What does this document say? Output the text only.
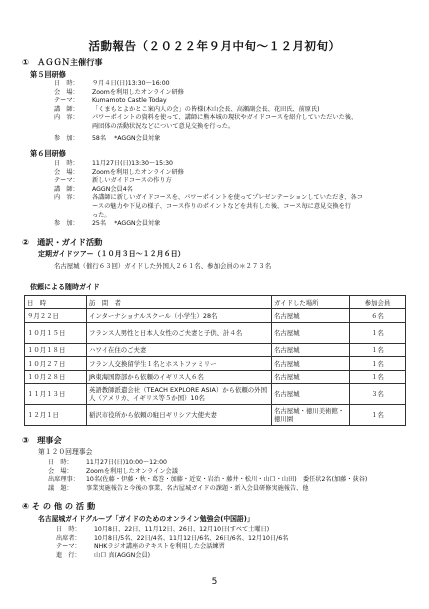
活動報告（２０２２年９月中旬～１２月初旬）
①　ＡＧＧＮ主催行事
第５回研修
日　時： ９月４日(日)13:30～16:00
会　場： Zoomを利用したオンライン研修
テーマ： Kumamoto Castle Today
講　師： 「くまもとよかとこ案内人の会」の皆様(木山会長、高瀬副会長、花田氏、前原氏)
内　容： パワーポイントの資料を使って、講師に熊本城の現状やガイドコースを紹介していただいた後、
両団体の活動状況などについて意見交換を行った。
参　加： 58名　 *AGGN会員対象
第６回研修
日　時： 11月27日(日)13:30～15:30
会　場： Zoomを利用したオンライン研修
テーマ： 新しいガイドコースの作り方
講　師： AGGN会員4名
内　容： 各講師に新しいガイドコースを、パワーポイントを使ってプレゼンテーションしていただき、各コ
ースの魅力や下見の様子、コース作りのポイントなどを共有した後、コース毎に意見交換を行
った。
参　加： 25名　 *AGGN会員対象
②　通訳・ガイド活動
定期ガイドツアー（１０月３日～１２月６日）
名古屋城（催行６３回）ガイドした外国人２６１名、参加会員の＊２７３名
依頼による随時ガイド
日　時	訪　問　者	ガイドした場所	参加会員
９月２２日	インターナショナルスクール（小学生）28名	名古屋城	６名
１０月１５日	フランス人男性と日本人女性のご夫妻と子供、計４名	名古屋城	１名
１０月１８日	ハワイ在住のご夫妻	名古屋城	１名
１０月２７日	フラン人交換留学生１名とホストファミリー	名古屋城	１名
１０月２８日	JR東海国際部から依頼のイギリス人６名	名古屋城	１名
１１月１３日	英語教師派遣会社（TEACH EXPLORE ASIA）から依頼の外国人（アメリカ、イギリス等５か国）10名	名古屋城	３名
１２月１日	稲沢市役所から依頼の駐日ギリシア大使夫妻	名古屋城・徳川美術館・徳川園	１名
③　理事会
第１２０回理事会
日　時： 11月27日(日)10:00～12:00
会　場： Zoomを利用したオンライン会議
出席理事： 10名(佐藤・伊藤・秋・葛巻・加藤・近安・岩治・藤井・松川・山口・山田)　委任状2名(加藤・荻谷)
議　題： 事業実施報告と今後の事業、名古屋城ガイドの課題・新入会員研修実施報告、他
④ そ の 他 の 活 動
名古屋城ガイドグループ「ガイドのためのオンライン勉強会(中国語)」
日　時： 10月8日、22日、11月12日、26日、12月10日(すべて土曜日)
出席者： 10月8日/5名、22日/4名、11月12日/6名、26日/6名、12月10日/6名
テーマ： NHKラジオ講座のテキストを利用した会話練習
進　行： 山口 真(AGGN会員)
5
